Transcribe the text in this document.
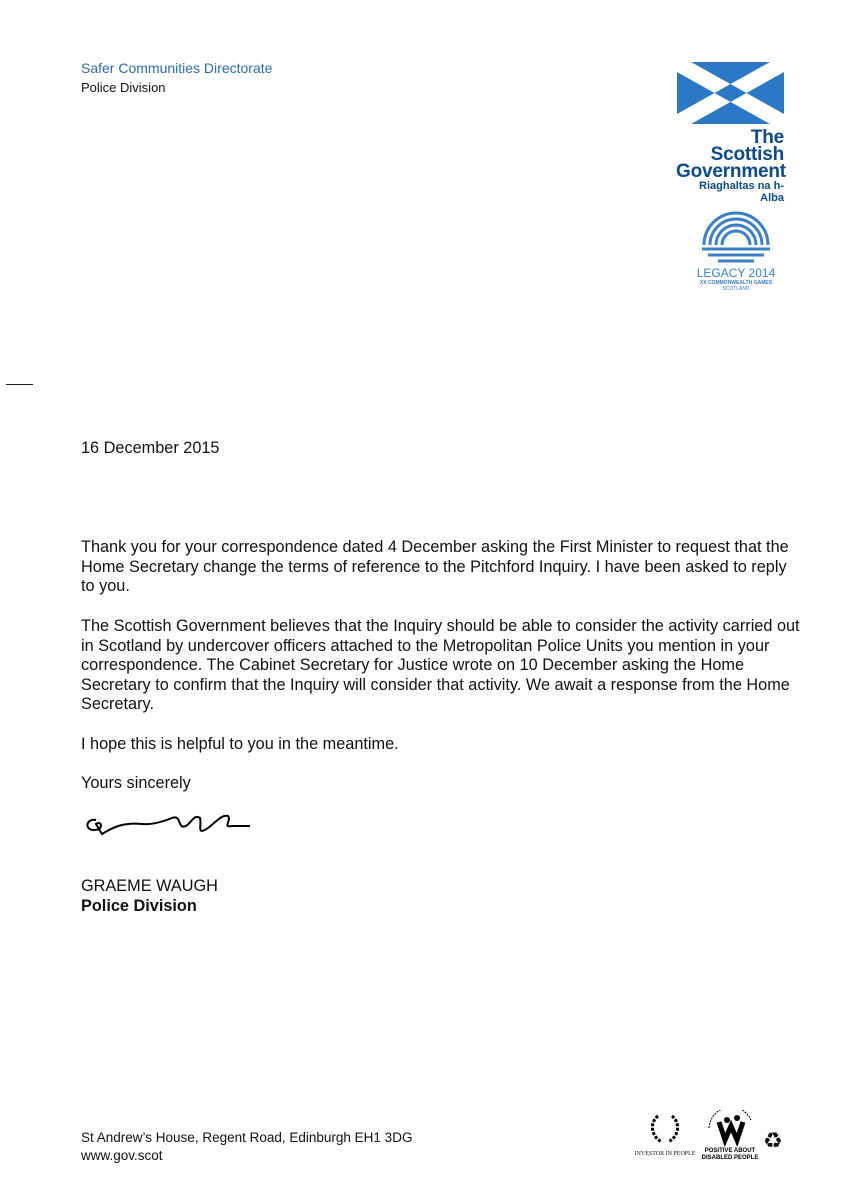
Safer Communities Directorate
Police Division
The Scottish
Government
Riaghaltas na h-Alba
LEGACY 2014
XX COMMONWEALTH GAMES
SCOTLAND
16 December 2015
Thank you for your correspondence dated 4 December asking the First Minister to request that the Home Secretary change the terms of reference to the Pitchford Inquiry. I have been asked to reply to you.
The Scottish Government believes that the Inquiry should be able to consider the activity carried out in Scotland by undercover officers attached to the Metropolitan Police Units you mention in your correspondence. The Cabinet Secretary for Justice wrote on 10 December asking the Home Secretary to confirm that the Inquiry will consider that activity. We await a response from the Home Secretary.
I hope this is helpful to you in the meantime.
Yours sincerely
GRAEME WAUGH
Police Division
St Andrew’s House, Regent Road, Edinburgh EH1 3DG
www.gov.scot	INVESTOR IN PEOPLE	POSITIVE ABOUT DISABLED PEOPLE
♻
